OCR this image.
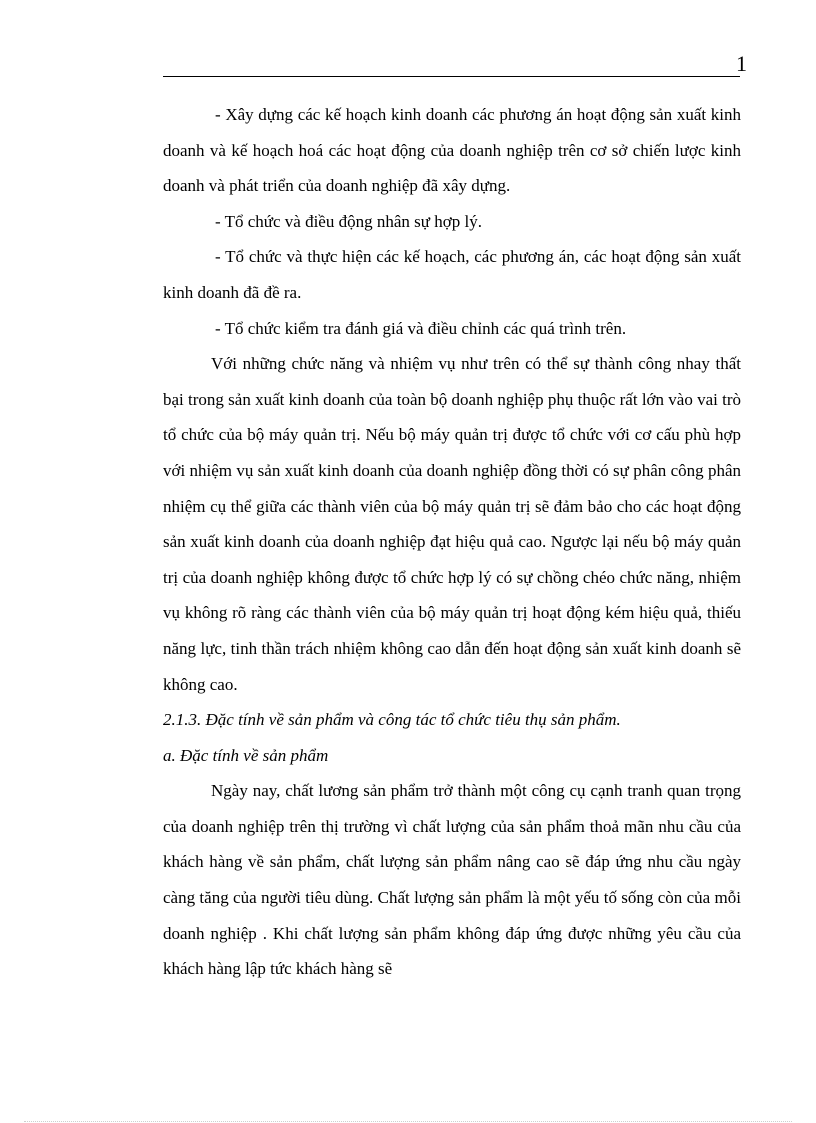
1

- Xây dựng các kế hoạch kinh doanh các phương án hoạt động sản xuất kinh doanh và kế hoạch hoá các hoạt động của doanh nghiệp trên cơ sở chiến lược kinh doanh và phát triển của doanh nghiệp đã xây dựng.

- Tổ chức và điều động nhân sự hợp lý.

- Tổ chức và thực hiện các kế hoạch, các phương án, các hoạt động sản xuất kinh doanh đã đề ra.

- Tổ chức kiểm tra đánh giá và điều chỉnh các quá trình trên.

Với những chức năng và nhiệm vụ như trên có thể sự thành công nhay thất bại trong sản xuất kinh doanh của toàn bộ doanh nghiệp phụ thuộc rất lớn vào vai trò tổ chức của bộ máy quản trị. Nếu bộ máy quản trị được tổ chức với cơ cấu phù hợp với nhiệm vụ sản xuất kinh doanh của doanh nghiệp đồng thời có sự phân công phân nhiệm cụ thể giữa các thành viên của bộ máy quản trị sẽ đảm bảo cho các hoạt động sản xuất kinh doanh của doanh nghiệp đạt hiệu quả cao. Ngược lại nếu bộ máy quản trị của doanh nghiệp không được tổ chức hợp lý có sự chồng chéo chức năng, nhiệm vụ không rõ ràng các thành viên của bộ máy quản trị hoạt động kém hiệu quả, thiếu năng lực, tinh thần trách nhiệm không cao dẫn đến hoạt động sản xuất kinh doanh sẽ không cao.

2.1.3. Đặc tính về sản phẩm và công tác tổ chức tiêu thụ sản phẩm.

a. Đặc tính về sản phẩm

Ngày nay, chất lương sản phẩm trở thành một công cụ cạnh tranh quan trọng của doanh nghiệp trên thị trường vì chất lượng của sản phẩm thoả mãn nhu cầu của khách hàng về sản phẩm, chất lượng sản phẩm nâng cao sẽ đáp ứng nhu cầu ngày càng tăng của người tiêu dùng. Chất lượng sản phẩm là một yếu tố sống còn của mỗi doanh nghiệp . Khi chất lượng sản phẩm không đáp ứng được những yêu cầu của khách hàng lập tức khách hàng sẽ
